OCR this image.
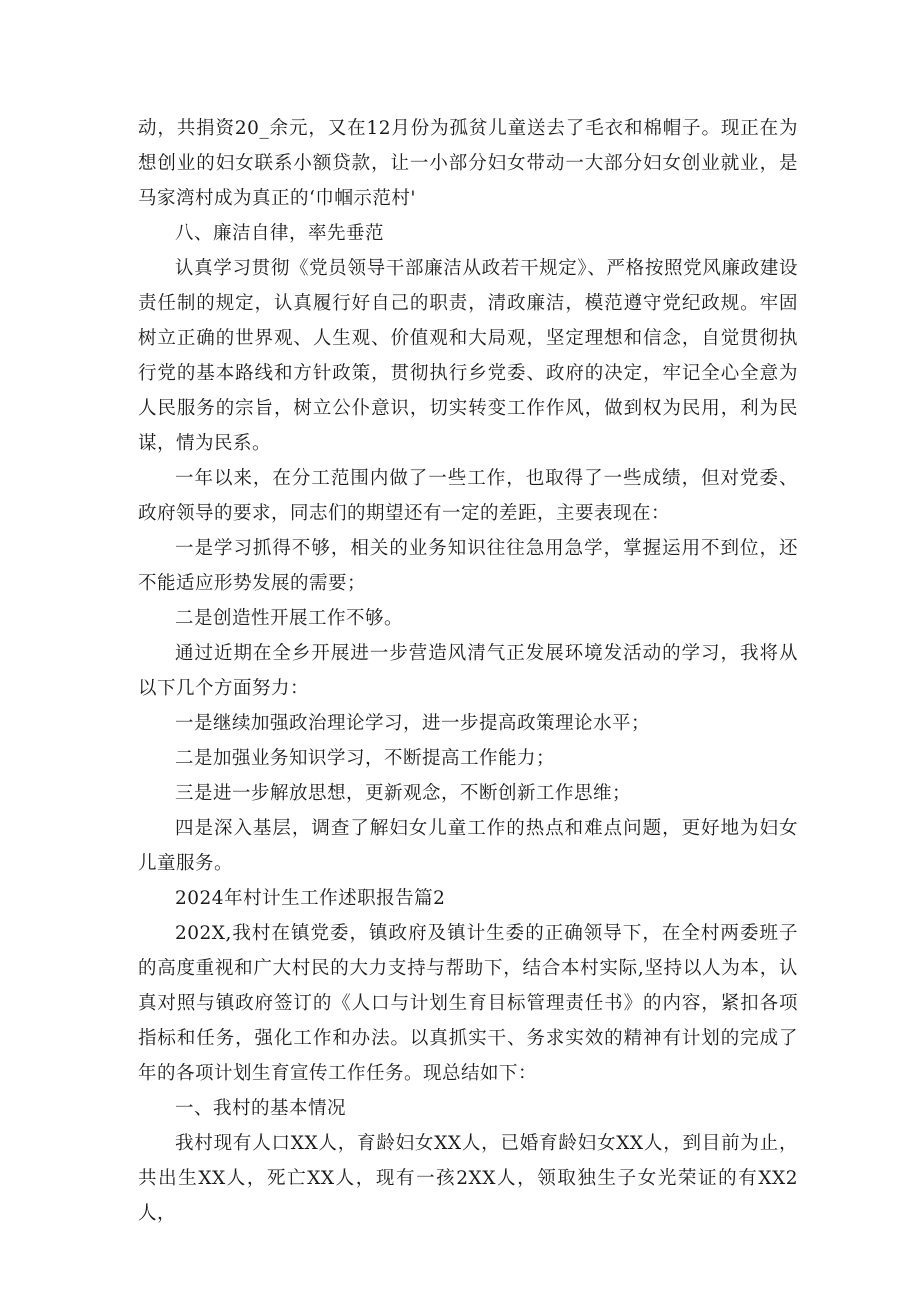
动，共捐资20_余元，又在12月份为孤贫儿童送去了毛衣和棉帽子。现正在为想创业的妇女联系小额贷款，让一小部分妇女带动一大部分妇女创业就业，是马家湾村成为真正的‘巾帼示范村'

八、廉洁自律，率先垂范

认真学习贯彻《党员领导干部廉洁从政若干规定》、严格按照党风廉政建设责任制的规定，认真履行好自己的职责，清政廉洁，模范遵守党纪政规。牢固树立正确的世界观、人生观、价值观和大局观，坚定理想和信念，自觉贯彻执行党的基本路线和方针政策，贯彻执行乡党委、政府的决定，牢记全心全意为人民服务的宗旨，树立公仆意识，切实转变工作作风，做到权为民用，利为民谋，情为民系。

一年以来，在分工范围内做了一些工作，也取得了一些成绩，但对党委、政府领导的要求，同志们的期望还有一定的差距，主要表现在：

一是学习抓得不够，相关的业务知识往往急用急学，掌握运用不到位，还不能适应形势发展的需要；

二是创造性开展工作不够。

通过近期在全乡开展进一步营造风清气正发展环境发活动的学习，我将从以下几个方面努力：

一是继续加强政治理论学习，进一步提高政策理论水平；

二是加强业务知识学习，不断提高工作能力；

三是进一步解放思想，更新观念，不断创新工作思维；

四是深入基层，调查了解妇女儿童工作的热点和难点问题，更好地为妇女儿童服务。

2024年村计生工作述职报告篇2

202X,我村在镇党委，镇政府及镇计生委的正确领导下，在全村两委班子的高度重视和广大村民的大力支持与帮助下，结合本村实际,坚持以人为本，认真对照与镇政府签订的《人口与计划生育目标管理责任书》的内容，紧扣各项指标和任务，强化工作和办法。以真抓实干、务求实效的精神有计划的完成了年的各项计划生育宣传工作任务。现总结如下：

一、我村的基本情况

我村现有人口XX人，育龄妇女XX人，已婚育龄妇女XX人，到目前为止，共出生XX人，死亡XX人，现有一孩2XX人，领取独生子女光荣证的有XX2人，
